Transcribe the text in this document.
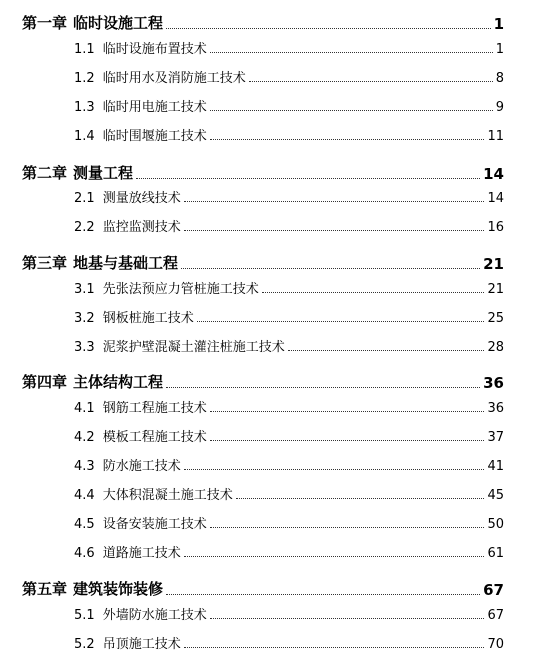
第一章 临时设施工程	1
1.1 临时设施布置技术	1
1.2 临时用水及消防施工技术	8
1.3 临时用电施工技术	9
1.4 临时围堰施工技术	11
第二章 测量工程	14
2.1 测量放线技术	14
2.2 监控监测技术	16
第三章 地基与基础工程	21
3.1 先张法预应力管桩施工技术	21
3.2 钢板桩施工技术	25
3.3 泥浆护壁混凝土灌注桩施工技术	28
第四章 主体结构工程	36
4.1 钢筋工程施工技术	36
4.2 模板工程施工技术	37
4.3 防水施工技术	41
4.4 大体积混凝土施工技术	45
4.5 设备安装施工技术	50
4.6 道路施工技术	61
第五章 建筑装饰装修	67
5.1 外墙防水施工技术	67
5.2 吊顶施工技术	70
